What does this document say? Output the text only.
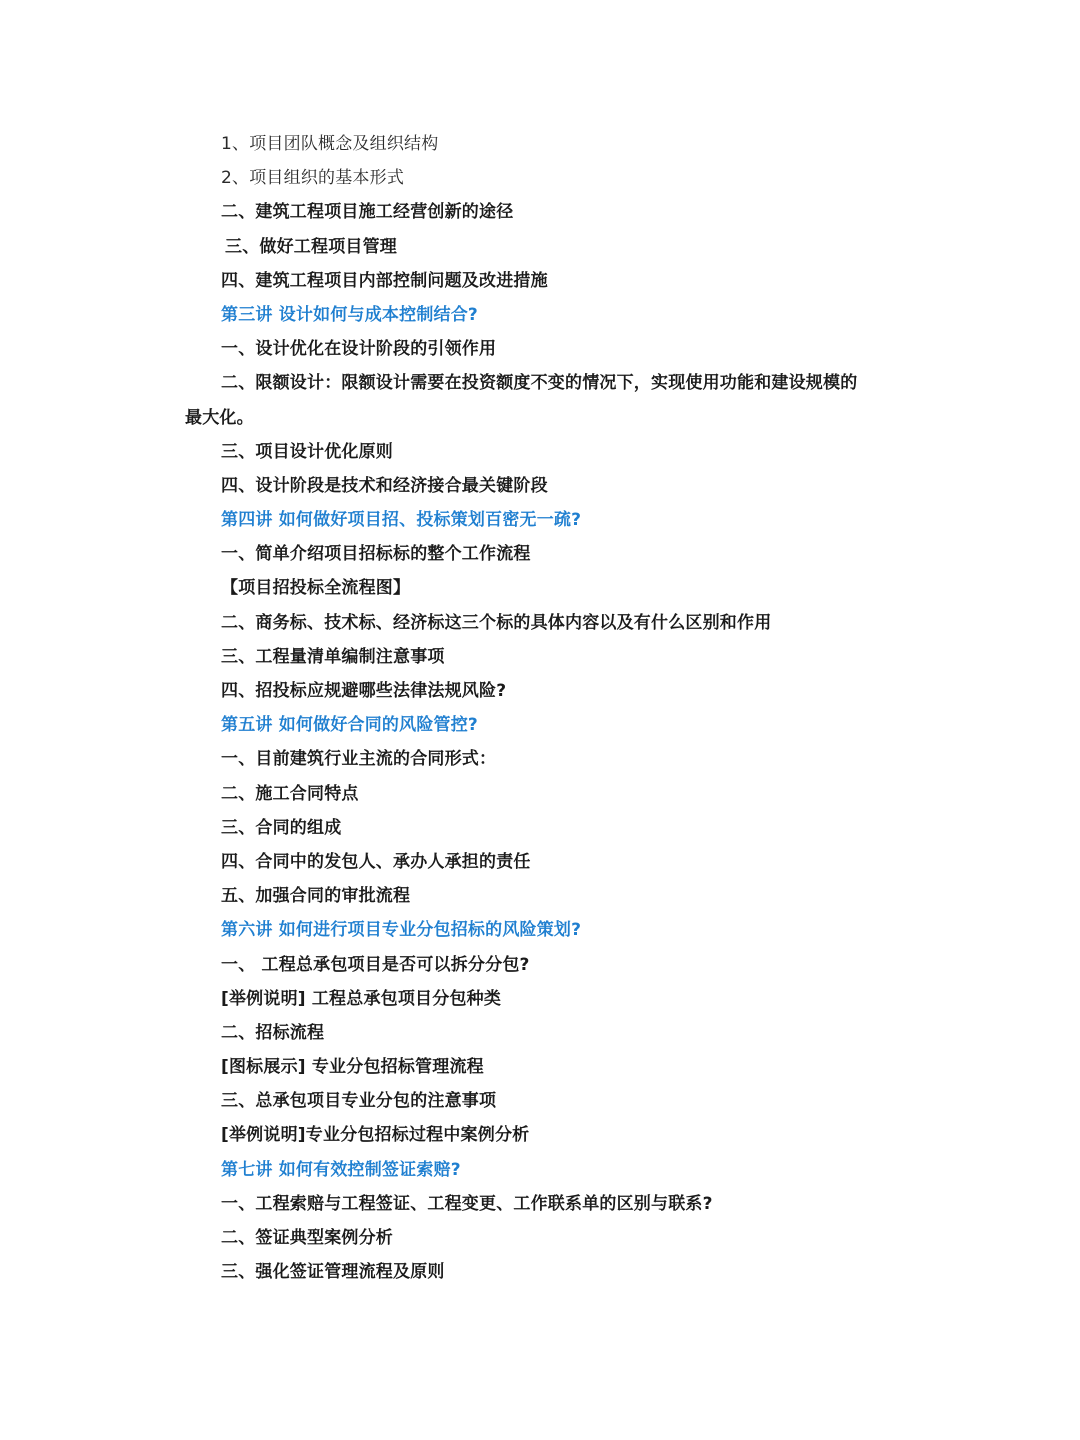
1、项目团队概念及组织结构
2、项目组织的基本形式
二、建筑工程项目施工经营创新的途径
三、做好工程项目管理
四、建筑工程项目内部控制问题及改进措施
第三讲 设计如何与成本控制结合?
一、设计优化在设计阶段的引领作用
二、限额设计：限额设计需要在投资额度不变的情况下，实现使用功能和建设规模的
最大化。
三、项目设计优化原则
四、设计阶段是技术和经济接合最关键阶段
第四讲 如何做好项目招、投标策划百密无一疏?
一、简单介绍项目招标标的整个工作流程
【项目招投标全流程图】
二、商务标、技术标、经济标这三个标的具体内容以及有什么区别和作用
三、工程量清单编制注意事项
四、招投标应规避哪些法律法规风险?
第五讲 如何做好合同的风险管控?
一、目前建筑行业主流的合同形式：
二、施工合同特点
三、合同的组成
四、合同中的发包人、承办人承担的责任
五、加强合同的审批流程
第六讲 如何进行项目专业分包招标的风险策划?
一、 工程总承包项目是否可以拆分分包?
[举例说明] 工程总承包项目分包种类
二、招标流程
[图标展示] 专业分包招标管理流程
三、总承包项目专业分包的注意事项
[举例说明]专业分包招标过程中案例分析
第七讲 如何有效控制签证索赔?
一、工程索赔与工程签证、工程变更、工作联系单的区别与联系?
二、签证典型案例分析
三、强化签证管理流程及原则
